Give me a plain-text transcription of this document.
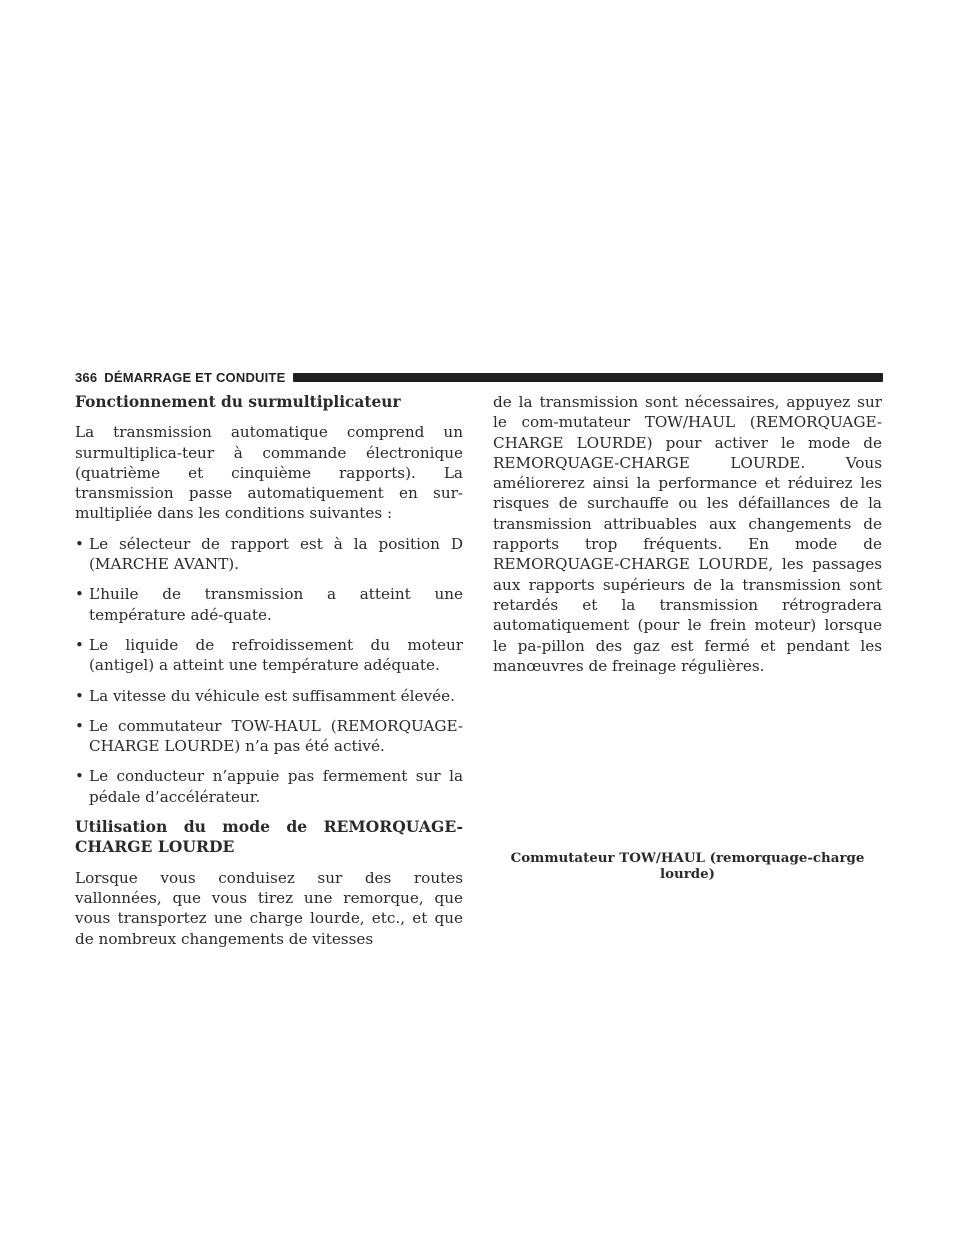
366 DÉMARRAGE ET CONDUITE
Fonctionnement du surmultiplicateur

La transmission automatique comprend un surmultiplica-teur à commande électronique (quatrième et cinquième rapports). La transmission passe automatiquement en sur-multipliée dans les conditions suivantes :

• Le sélecteur de rapport est à la position D (MARCHE AVANT).
• L’huile de transmission a atteint une température adé-quate.
• Le liquide de refroidissement du moteur (antigel) a atteint une température adéquate.
• La vitesse du véhicule est suffisamment élevée.
• Le commutateur TOW-HAUL (REMORQUAGE-CHARGE LOURDE) n’a pas été activé.
• Le conducteur n’appuie pas fermement sur la pédale d’accélérateur.
Utilisation du mode de REMORQUAGE-CHARGE LOURDE

Lorsque vous conduisez sur des routes vallonnées, que vous tirez une remorque, que vous transportez une charge lourde, etc., et que de nombreux changements de vitesses

de la transmission sont nécessaires, appuyez sur le com-mutateur TOW/HAUL (REMORQUAGE-CHARGE LOURDE) pour activer le mode de REMORQUAGE-CHARGE LOURDE. Vous améliorerez ainsi la performance et réduirez les risques de surchauffe ou les défaillances de la transmission attribuables aux changements de rapports trop fréquents. En mode de REMORQUAGE-CHARGE LOURDE, les passages aux rapports supérieurs de la transmission sont retardés et la transmission rétrogradera automatiquement (pour le frein moteur) lorsque le pa-pillon des gaz est fermé et pendant les manœuvres de freinage régulières.

Commutateur TOW/HAUL (remorquage-charge lourde)
